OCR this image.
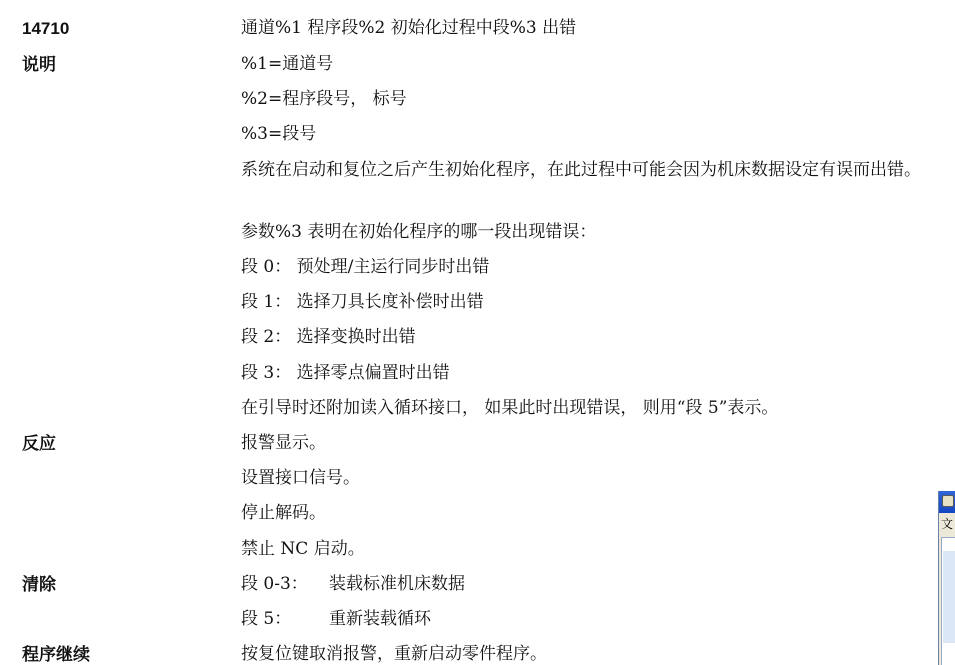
14710	通道%1 程序段%2 初始化过程中段%3 出错
说明	%1=通道号
%2=程序段号， 标号
%3=段号
系统在启动和复位之后产生初始化程序，在此过程中可能会因为机床数据设定有误而出错。
参数%3 表明在初始化程序的哪一段出现错误：
段 0： 预处理/主运行同步时出错
段 1： 选择刀具长度补偿时出错
段 2： 选择变换时出错
段 3： 选择零点偏置时出错
在引导时还附加读入循环接口， 如果此时出现错误， 则用“段 5”表示。
反应	报警显示。
设置接口信号。
停止解码。
禁止 NC 启动。
清除	段 0-3： 装载标准机床数据
段 5： 重新装载循环
程序继续	按复位键取消报警，重新启动零件程序。
文
